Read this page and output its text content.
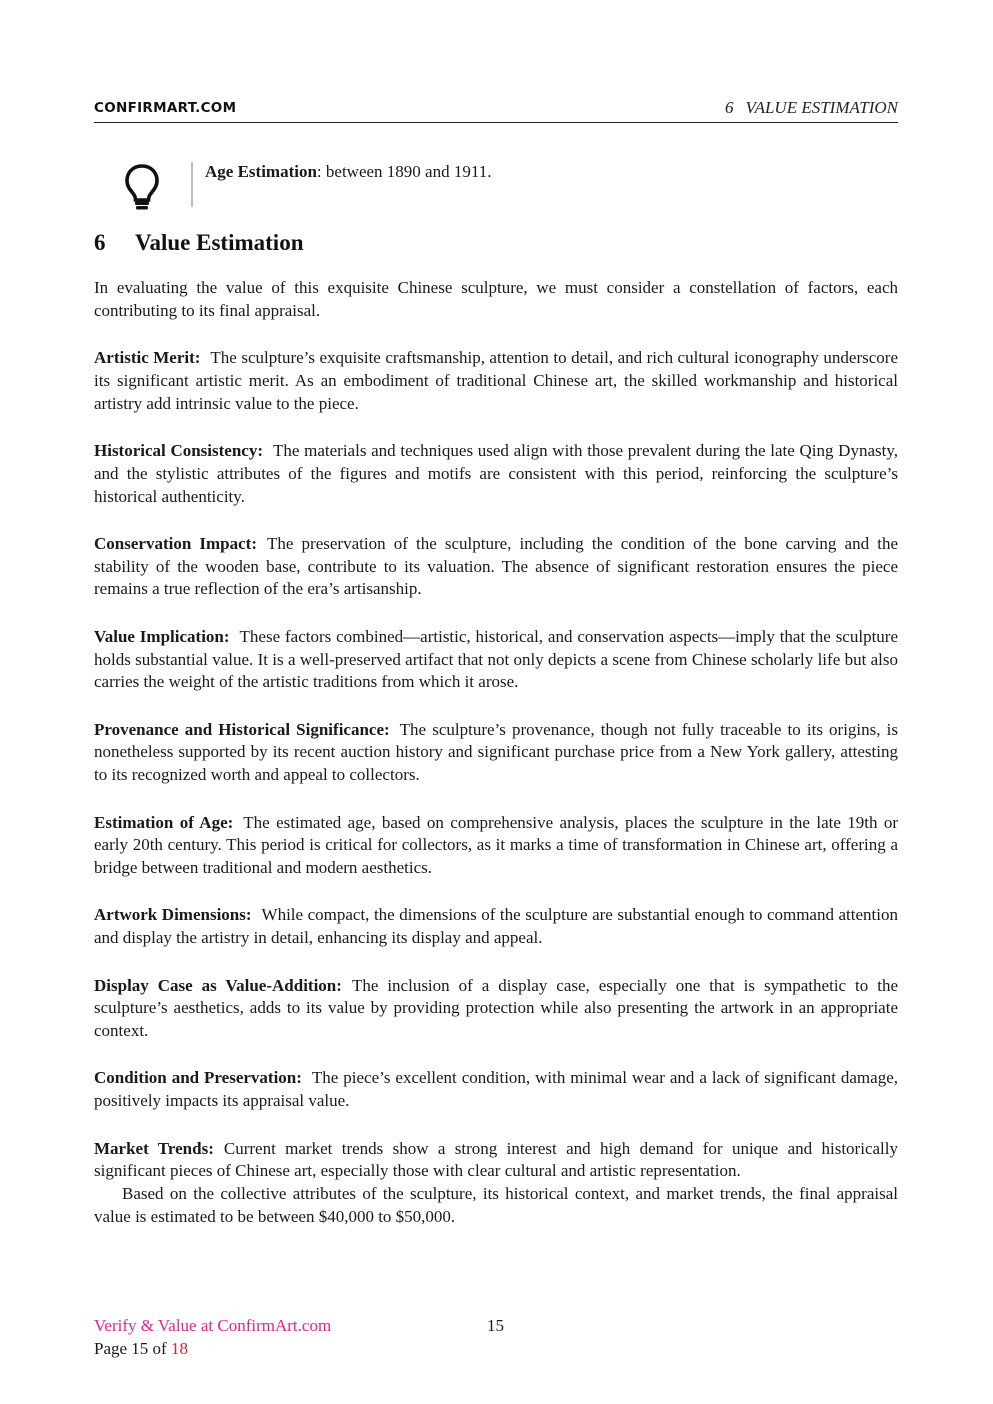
CONFIRMART.COM	6 VALUE ESTIMATION
Age Estimation: between 1890 and 1911.
6 Value Estimation

In evaluating the value of this exquisite Chinese sculpture, we must consider a constellation of factors, each contributing to its final appraisal.

Artistic Merit: The sculpture’s exquisite craftsmanship, attention to detail, and rich cultural iconography underscore its significant artistic merit. As an embodiment of traditional Chinese art, the skilled workmanship and historical artistry add intrinsic value to the piece.

Historical Consistency: The materials and techniques used align with those prevalent during the late Qing Dynasty, and the stylistic attributes of the figures and motifs are consistent with this period, reinforcing the sculpture’s historical authenticity.

Conservation Impact: The preservation of the sculpture, including the condition of the bone carving and the stability of the wooden base, contribute to its valuation. The absence of significant restoration ensures the piece remains a true reflection of the era’s artisanship.

Value Implication: These factors combined—artistic, historical, and conservation aspects—imply that the sculpture holds substantial value. It is a well-preserved artifact that not only depicts a scene from Chinese scholarly life but also carries the weight of the artistic traditions from which it arose.

Provenance and Historical Significance: The sculpture’s provenance, though not fully traceable to its origins, is nonetheless supported by its recent auction history and significant purchase price from a New York gallery, attesting to its recognized worth and appeal to collectors.

Estimation of Age: The estimated age, based on comprehensive analysis, places the sculpture in the late 19th or early 20th century. This period is critical for collectors, as it marks a time of transformation in Chinese art, offering a bridge between traditional and modern aesthetics.

Artwork Dimensions: While compact, the dimensions of the sculpture are substantial enough to command attention and display the artistry in detail, enhancing its display and appeal.

Display Case as Value-Addition: The inclusion of a display case, especially one that is sympathetic to the sculpture’s aesthetics, adds to its value by providing protection while also presenting the artwork in an appropriate context.

Condition and Preservation: The piece’s excellent condition, with minimal wear and a lack of significant damage, positively impacts its appraisal value.

Market Trends: Current market trends show a strong interest and high demand for unique and historically significant pieces of Chinese art, especially those with clear cultural and artistic representation.

Based on the collective attributes of the sculpture, its historical context, and market trends, the final appraisal value is estimated to be between $40,000 to $50,000.

Verify & Value at ConfirmArt.com	15
Page 15 of 18
